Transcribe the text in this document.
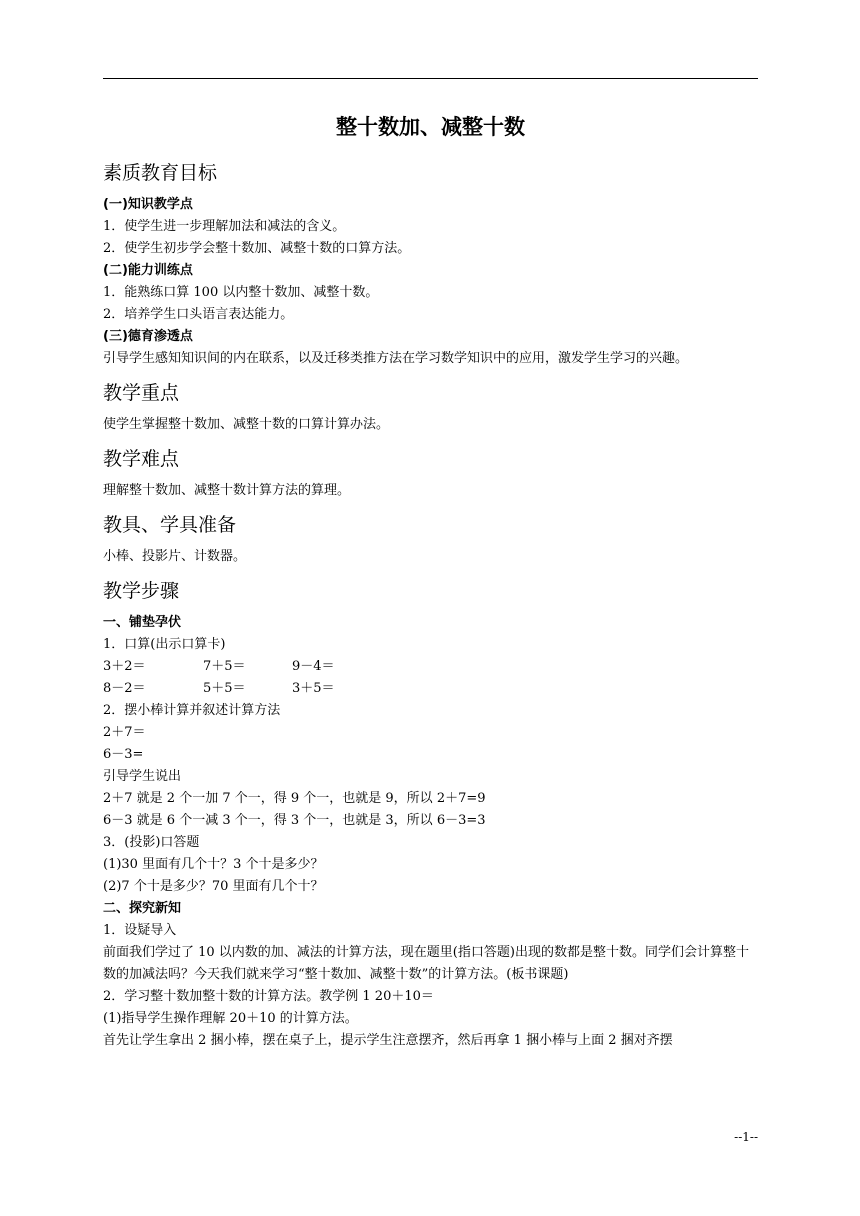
整十数加、减整十数
素质教育目标
(一)知识教学点
1．使学生进一步理解加法和减法的含义。
2．使学生初步学会整十数加、减整十数的口算方法。
(二)能力训练点
1．能熟练口算 100 以内整十数加、减整十数。
2．培养学生口头语言表达能力。
(三)德育渗透点
引导学生感知知识间的内在联系，以及迁移类推方法在学习数学知识中的应用，激发学生学习的兴趣。
教学重点
使学生掌握整十数加、减整十数的口算计算办法。
教学难点
理解整十数加、减整十数计算方法的算理。
教具、学具准备
小棒、投影片、计数器。
教学步骤
一、铺垫孕伏
1．口算(出示口算卡)
3＋2＝	7＋5＝	9－4＝
8－2＝	5＋5＝	3＋5＝
2．摆小棒计算并叙述计算方法
2＋7＝
6－3=
引导学生说出
2＋7 就是 2 个一加 7 个一，得 9 个一，也就是 9，所以 2＋7=9
6－3 就是 6 个一减 3 个一，得 3 个一，也就是 3，所以 6－3=3
3．(投影)口答题
(1)30 里面有几个十？3 个十是多少？
(2)7 个十是多少？70 里面有几个十？
二、探究新知
1．设疑导入
前面我们学过了 10 以内数的加、减法的计算方法，现在题里(指口答题)出现的数都是整十数。同学们会计算整十数的加减法吗？今天我们就来学习“整十数加、减整十数”的计算方法。(板书课题)
2．学习整十数加整十数的计算方法。教学例 1 20＋10＝
(1)指导学生操作理解 20＋10 的计算方法。
首先让学生拿出 2 捆小棒，摆在桌子上，提示学生注意摆齐，然后再拿 1 捆小棒与上面 2 捆对齐摆
--1--
